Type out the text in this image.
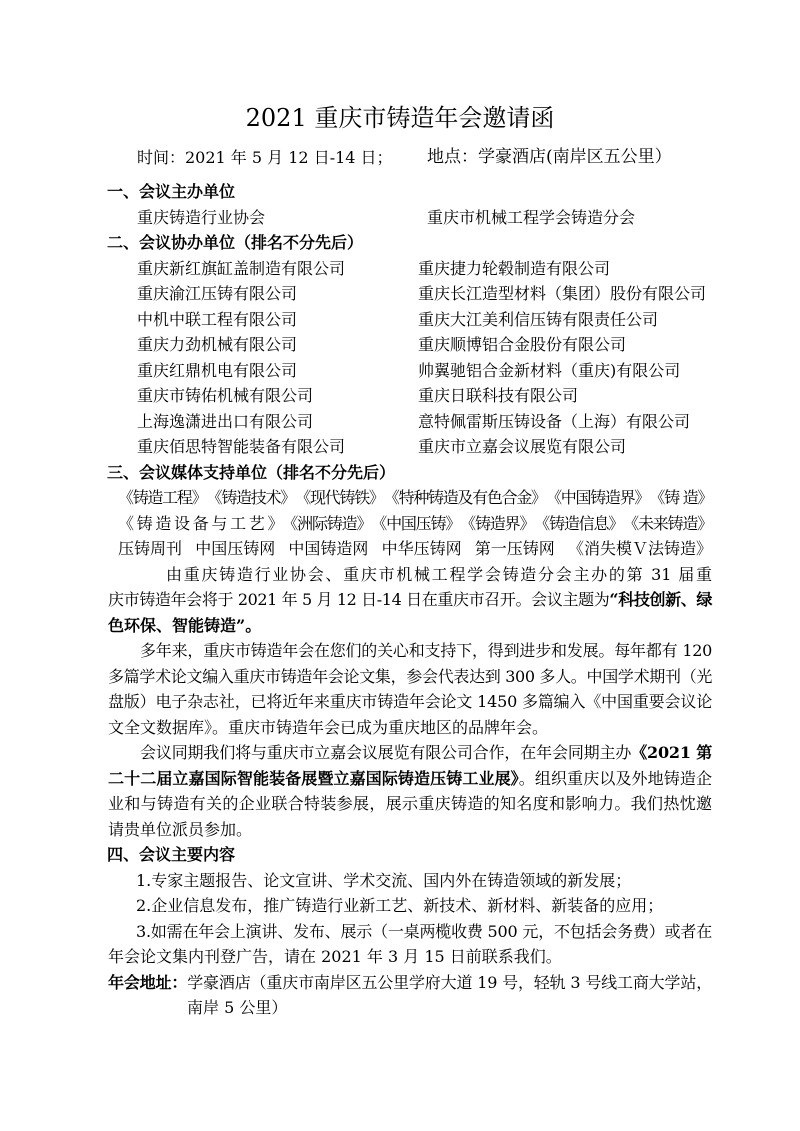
2021 重庆市铸造年会邀请函
时间：2021 年 5 月 12 日-14 日； 地点：学豪酒店(南岸区五公里）
一、会议主办单位
重庆铸造行业协会	重庆市机械工程学会铸造分会
二、会议协办单位（排名不分先后）
重庆新红旗缸盖制造有限公司	重庆捷力轮毂制造有限公司
重庆渝江压铸有限公司	重庆长江造型材料（集团）股份有限公司
中机中联工程有限公司	重庆大江美利信压铸有限责任公司
重庆力劲机械有限公司	重庆顺博铝合金股份有限公司
重庆红鼎机电有限公司	帅翼驰铝合金新材料（重庆)有限公司
重庆市铸佑机械有限公司	重庆日联科技有限公司
上海逸潇进出口有限公司	意特佩雷斯压铸设备（上海）有限公司
重庆佰思特智能装备有限公司	重庆市立嘉会议展览有限公司
三、会议媒体支持单位（排名不分先后）
《铸造工程》 《铸造技术》 《现代铸铁》 《特种铸造及有色合金》 《中国铸造界》 《铸 造》
《 铸 造 设 备 与 工 艺 》 《洲际铸造》 《中国压铸》 《铸造界》 《铸造信息》 《未来铸造》
压铸周刊 中国压铸网 中国铸造网 中华压铸网 第一压铸网 《消失模Ｖ法铸造》
由重庆铸造行业协会、重庆市机械工程学会铸造分会主办的第 31 届重
庆市铸造年会将于 2021 年 5 月 12 日-14 日在重庆市召开。会议主题为“科技创新、绿
色环保、智能铸造”。
多年来，重庆市铸造年会在您们的关心和支持下，得到进步和发展。每年都有 120
多篇学术论文编入重庆市铸造年会论文集，参会代表达到 300 多人。中国学术期刊（光
盘版）电子杂志社，已将近年来重庆市铸造年会论文 1450 多篇编入《中国重要会议论
文全文数据库》。重庆市铸造年会已成为重庆地区的品牌年会。
会议同期我们将与重庆市立嘉会议展览有限公司合作，在年会同期主办《2021 第
二十二届立嘉国际智能装备展暨立嘉国际铸造压铸工业展》。组织重庆以及外地铸造企
业和与铸造有关的企业联合特装参展，展示重庆铸造的知名度和影响力。我们热忱邀
请贵单位派员参加。
四、会议主要内容
1.专家主题报告、论文宣讲、学术交流、国内外在铸造领域的新发展；
2.企业信息发布，推广铸造行业新工艺、新技术、新材料、新装备的应用；
3.如需在年会上演讲、发布、展示（一桌两榄收费 500 元，不包括会务费）或者在
年会论文集内刊登广告，请在 2021 年 3 月 15 日前联系我们。
年会地址：学豪酒店（重庆市南岸区五公里学府大道 19 号，轻轨 3 号线工商大学站，
南岸 5 公里）
